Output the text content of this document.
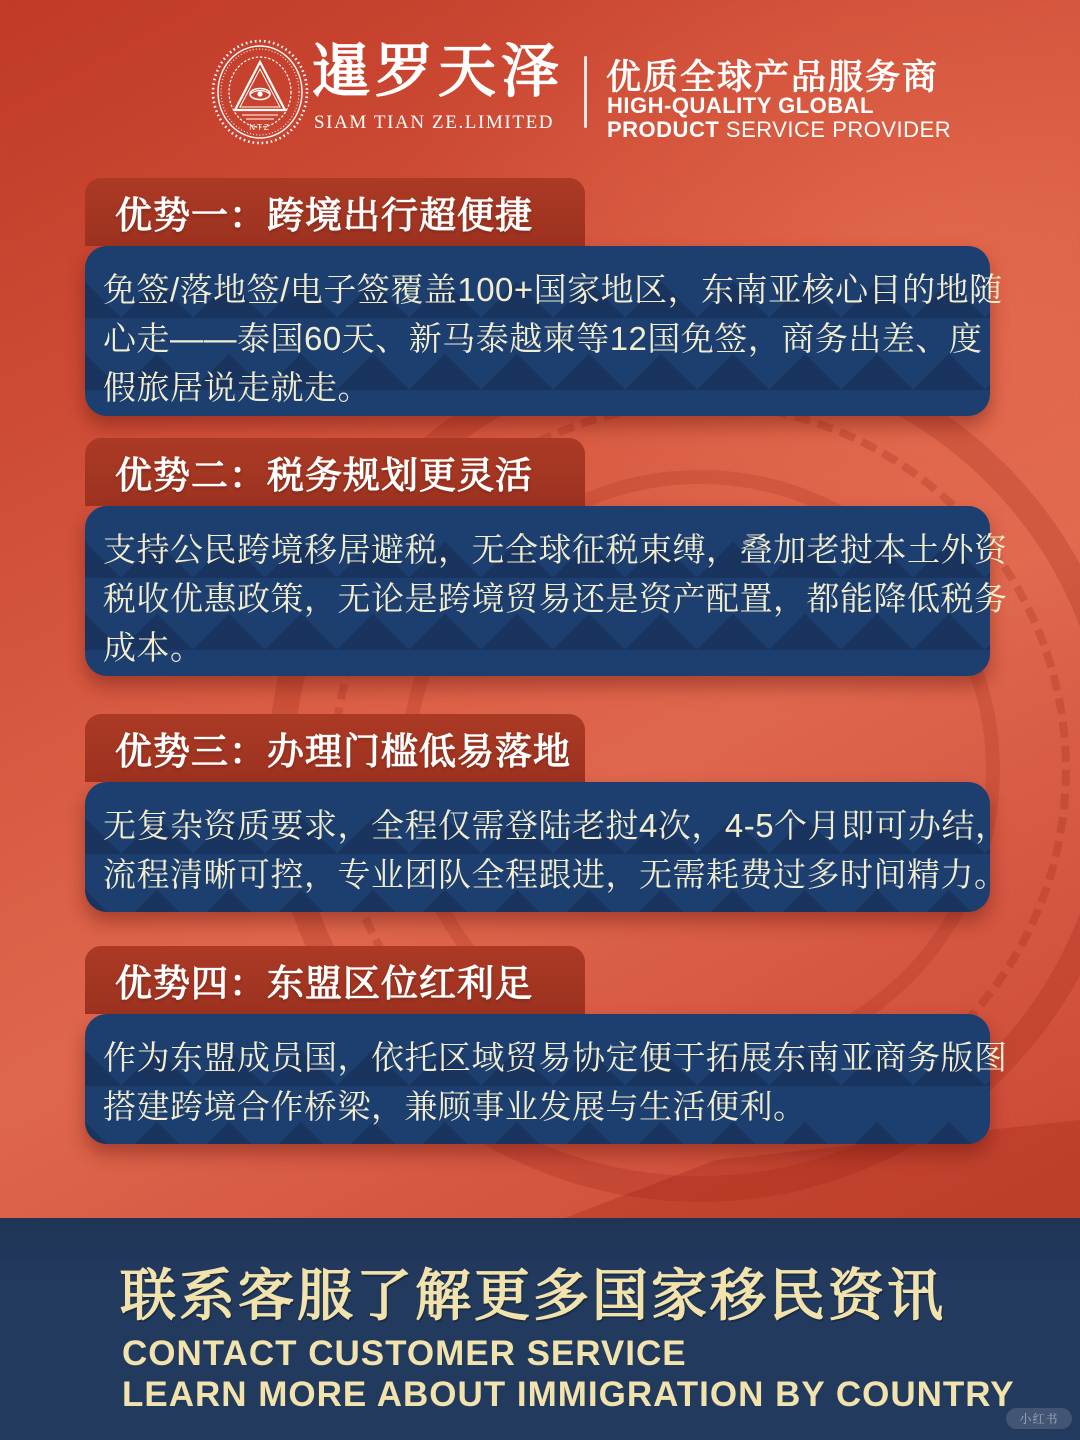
NTZ
暹罗天泽
SIAM TIAN ZE.LIMITED
优质全球产品服务商
HIGH-QUALITY GLOBAL
PRODUCT SERVICE PROVIDER
优势一：跨境出行超便捷
免签/落地签/电子签覆盖100+国家地区，东南亚核心目的地随
心走——泰国60天、新马泰越柬等12国免签，商务出差、度
假旅居说走就走。
优势二：税务规划更灵活
支持公民跨境移居避税，无全球征税束缚，叠加老挝本土外资
税收优惠政策，无论是跨境贸易还是资产配置，都能降低税务
成本。
优势三：办理门槛低易落地
无复杂资质要求，全程仅需登陆老挝4次，4-5个月即可办结，
流程清晰可控，专业团队全程跟进，无需耗费过多时间精力。
优势四：东盟区位红利足
作为东盟成员国，依托区域贸易协定便于拓展东南亚商务版图
搭建跨境合作桥梁，兼顾事业发展与生活便利。
联系客服了解更多国家移民资讯
CONTACT CUSTOMER SERVICE
LEARN MORE ABOUT IMMIGRATION BY COUNTRY
小红书
